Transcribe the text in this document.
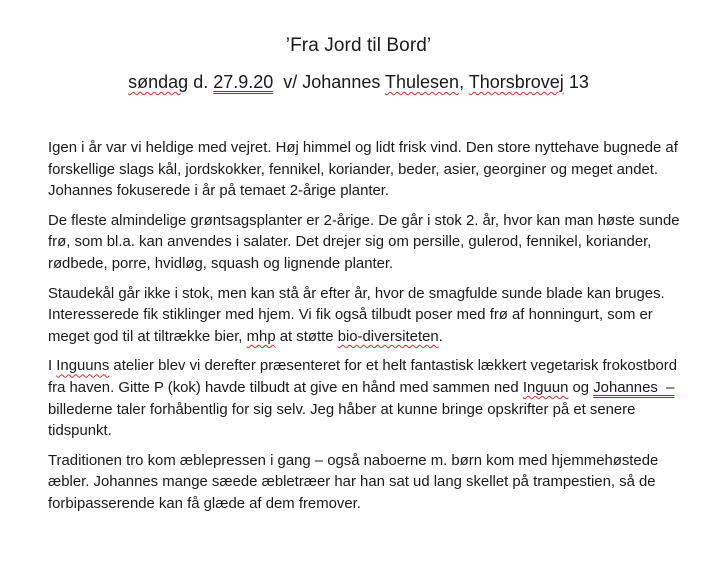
’Fra Jord til Bord’
søndag d. 27.9.20  v/ Johannes Thulesen, Thorsbrovej 13
Igen i år var vi heldige med vejret. Høj himmel og lidt frisk vind. Den store nyttehave bugnede af
forskellige slags kål, jordskokker, fennikel, koriander, beder, asier, georginer og meget andet.
Johannes fokuserede i år på temaet 2-årige planter.
De fleste almindelige grøntsagsplanter er 2-årige. De går i stok 2. år, hvor kan man høste sunde
frø, som bl.a. kan anvendes i salater. Det drejer sig om persille, gulerod, fennikel, koriander,
rødbede, porre, hvidløg, squash og lignende planter.
Staudekål går ikke i stok, men kan stå år efter år, hvor de smagfulde sunde blade kan bruges.
Interesserede fik stiklinger med hjem. Vi fik også tilbudt poser med frø af honningurt, som er
meget god til at tiltrække bier, mhp at støtte bio-diversiteten.
I Inguuns atelier blev vi derefter præsenteret for et helt fantastisk lækkert vegetarisk frokostbord
fra haven. Gitte P (kok) havde tilbudt at give en hånd med sammen ned Inguun og Johannes  –
billederne taler forhåbentlig for sig selv. Jeg håber at kunne bringe opskrifter på et senere
tidspunkt.
Traditionen tro kom æblepressen i gang – også naboerne m. børn kom med hjemmehøstede
æbler. Johannes mange sæede æbletræer har han sat ud lang skellet på trampestien, så de
forbipasserende kan få glæde af dem fremover.
